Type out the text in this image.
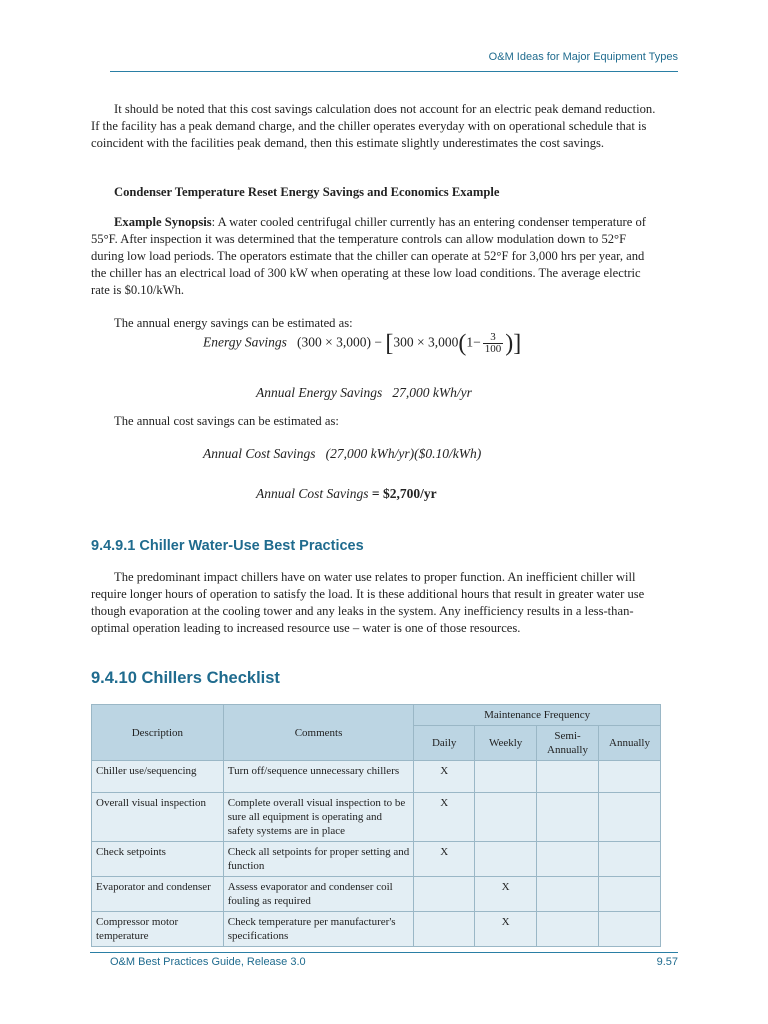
O&M Ideas for Major Equipment Types

It should be noted that this cost savings calculation does not account for an electric peak demand reduction. If the facility has a peak demand charge, and the chiller operates everyday with on operational schedule that is coincident with the facilities peak demand, then this estimate slightly underestimates the cost savings.

Condenser Temperature Reset Energy Savings and Economics Example

Example Synopsis: A water cooled centrifugal chiller currently has an entering condenser temperature of 55°F. After inspection it was determined that the temperature controls can allow modulation down to 52°F during low load periods. The operators estimate that the chiller can operate at 52°F for 3,000 hrs per year, and the chiller has an electrical load of 300 kW when operating at these low load conditions. The average electric rate is $0.10/kWh.

The annual energy savings can be estimated as:

Energy Savings $(300 \times 3,000) - [300 \times 3,000(1- \frac{3}{100}$ )]
Annual Energy Savings 27,000 kWh/yr

The annual cost savings can be estimated as:

Annual Cost Savings (27,000 kWh/yr)($0.10/kWh)
Annual Cost Savings = $2,700/yr
9.4.9.1 Chiller Water-Use Best Practices

The predominant impact chillers have on water use relates to proper function. An inefficient chiller will require longer hours of operation to satisfy the load. It is these additional hours that result in greater water use though evaporation at the cooling tower and any leaks in the system. Any inefficiency results in a less-than-optimal operation leading to increased resource use – water is one of those resources.

9.4.10 Chillers Checklist
Description	Comments	Maintenance Frequency			
		Daily	Weekly	Semi-
Annually	Annually
Chiller use/sequencing	Turn off/sequence unnecessary chillers	X			
Overall visual inspection	Complete overall visual inspection to be sure all equipment is operating and safety systems are in place	X			
Check setpoints	Check all setpoints for proper setting and function	X			
Evaporator and condenser	Assess evaporator and condenser coil fouling as required		X		
Compressor motor temperature	Check temperature per manufacturer's specifications		X		
O&M Best Practices Guide, Release 3.0	9.57
